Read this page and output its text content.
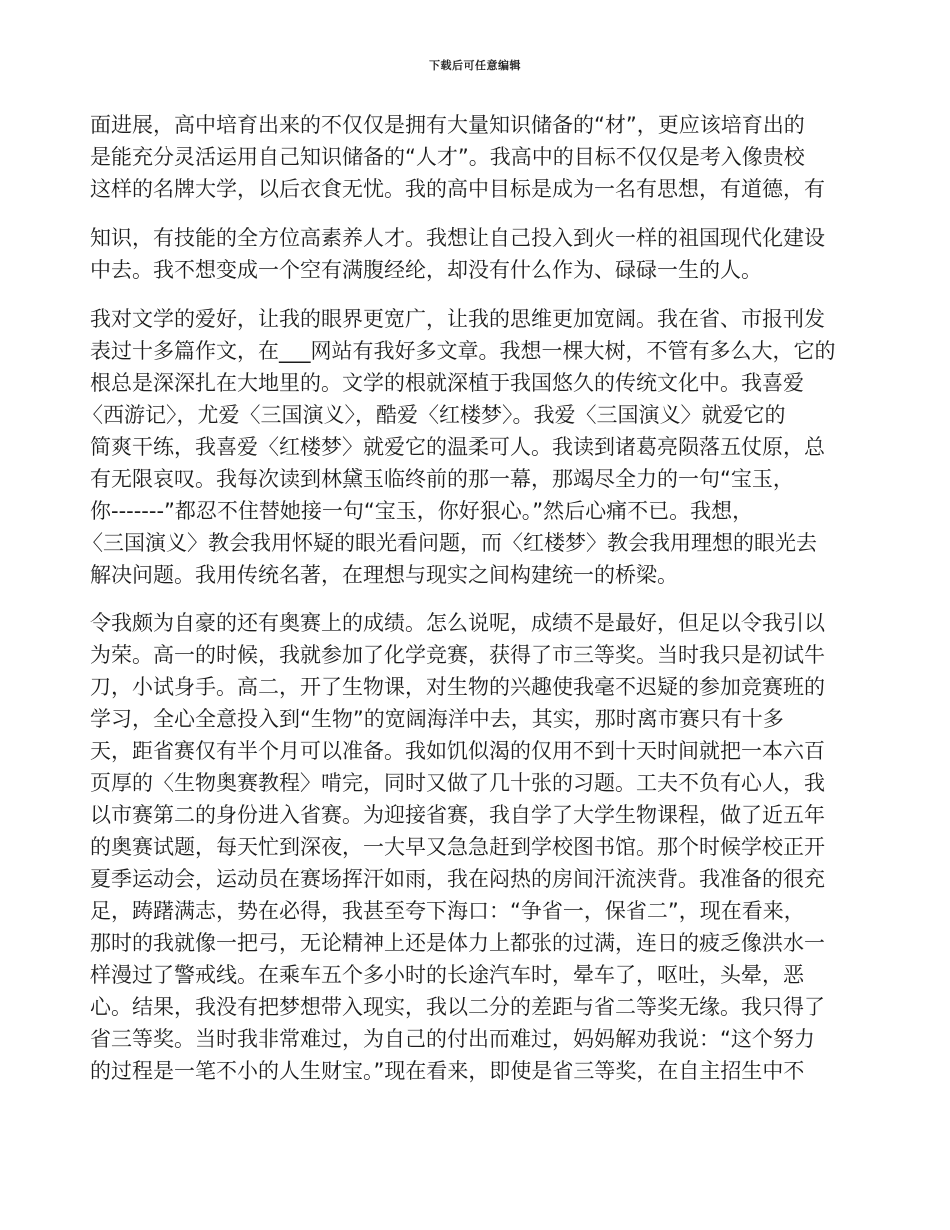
下载后可任意编辑
面进展，高中培育出来的不仅仅是拥有大量知识储备的“材”，更应该培育出的
是能充分灵活运用自己知识储备的“人才”。我高中的目标不仅仅是考入像贵校
这样的名牌大学，以后衣食无忧。我的高中目标是成为一名有思想，有道德，有
知识，有技能的全方位高素养人才。我想让自己投入到火一样的祖国现代化建设
中去。我不想变成一个空有满腹经纶，却没有什么作为、碌碌一生的人。
我对文学的爱好，让我的眼界更宽广，让我的思维更加宽阔。我在省、市报刊发
表过十多篇作文，在___网站有我好多文章。我想一棵大树，不管有多么大，它的
根总是深深扎在大地里的。文学的根就深植于我国悠久的传统文化中。我喜爱
〈西游记〉，尤爱〈三国演义〉，酷爱〈红楼梦〉。我爱〈三国演义〉就爱它的
简爽干练，我喜爱〈红楼梦〉就爱它的温柔可人。我读到诸葛亮陨落五仗原，总
有无限哀叹。我每次读到林黛玉临终前的那一幕，那竭尽全力的一句“宝玉，
你-------”都忍不住替她接一句“宝玉，你好狠心。”然后心痛不已。我想，
〈三国演义〉教会我用怀疑的眼光看问题，而〈红楼梦〉教会我用理想的眼光去
解决问题。我用传统名著，在理想与现实之间构建统一的桥梁。
令我颇为自豪的还有奥赛上的成绩。怎么说呢，成绩不是最好，但足以令我引以
为荣。高一的时候，我就参加了化学竞赛，获得了市三等奖。当时我只是初试牛
刀，小试身手。高二，开了生物课，对生物的兴趣使我毫不迟疑的参加竞赛班的
学习，全心全意投入到“生物”的宽阔海洋中去，其实，那时离市赛只有十多
天，距省赛仅有半个月可以准备。我如饥似渴的仅用不到十天时间就把一本六百
页厚的〈生物奥赛教程〉啃完，同时又做了几十张的习题。工夫不负有心人，我
以市赛第二的身份进入省赛。为迎接省赛，我自学了大学生物课程，做了近五年
的奥赛试题，每天忙到深夜，一大早又急急赶到学校图书馆。那个时候学校正开
夏季运动会，运动员在赛场挥汗如雨，我在闷热的房间汗流浃背。我准备的很充
足，踌躇满志，势在必得，我甚至夸下海口：“争省一，保省二”，现在看来，
那时的我就像一把弓，无论精神上还是体力上都张的过满，连日的疲乏像洪水一
样漫过了警戒线。在乘车五个多小时的长途汽车时，晕车了，呕吐，头晕，恶
心。结果，我没有把梦想带入现实，我以二分的差距与省二等奖无缘。我只得了
省三等奖。当时我非常难过，为自己的付出而难过，妈妈解劝我说：“这个努力
的过程是一笔不小的人生财宝。”现在看来，即使是省三等奖，在自主招生中不
